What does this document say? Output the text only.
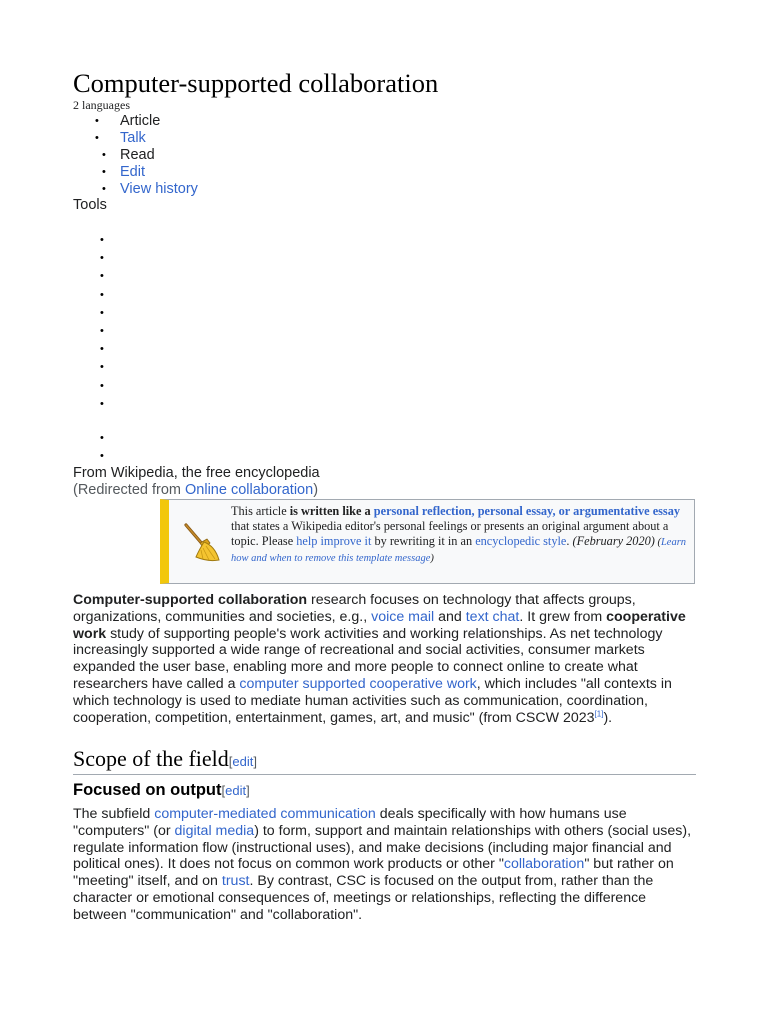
Computer-supported collaboration
2 languages
• Article
• Talk
• Read
• Edit
• View history
Tools
•
•
•
•
•
•
•
•
•
•
•
•
From Wikipedia, the free encyclopedia
(Redirected from Online collaboration)
This article is written like a personal reflection, personal essay, or argumentative essay that states a Wikipedia editor's personal feelings or presents an original argument about a topic. Please help improve it by rewriting it in an encyclopedic style. (February 2020) (Learn how and when to remove this template message)

Computer-supported collaboration research focuses on technology that affects groups, organizations, communities and societies, e.g., voice mail and text chat. It grew from cooperative work study of supporting people's work activities and working relationships. As net technology increasingly supported a wide range of recreational and social activities, consumer markets expanded the user base, enabling more and more people to connect online to create what researchers have called a computer supported cooperative work, which includes "all contexts in which technology is used to mediate human activities such as communication, coordination, cooperation, competition, entertainment, games, art, and music" (from CSCW 2023[1]).

Scope of the field[edit]
Focused on output[edit]

The subfield computer-mediated communication deals specifically with how humans use "computers" (or digital media) to form, support and maintain relationships with others (social uses), regulate information flow (instructional uses), and make decisions (including major financial and political ones). It does not focus on common work products or other "collaboration" but rather on "meeting" itself, and on trust. By contrast, CSC is focused on the output from, rather than the character or emotional consequences of, meetings or relationships, reflecting the difference between "communication" and "collaboration".
